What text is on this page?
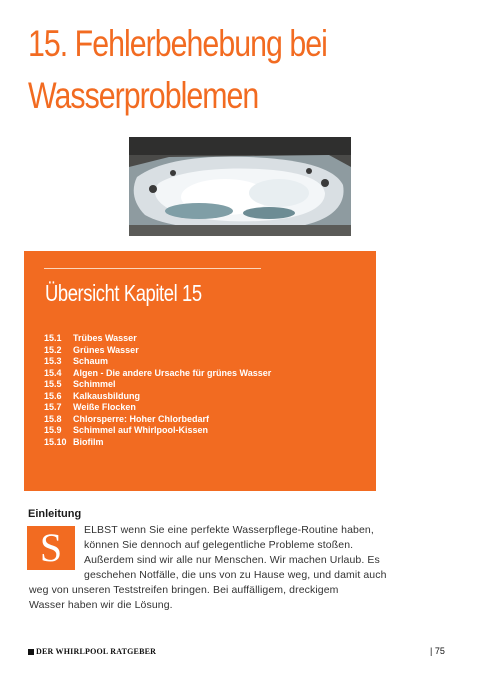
15. Fehlerbehebung bei
Wasserproblemen
Übersicht Kapitel 15
15.1 Trübes Wasser
15.2 Grünes Wasser
15.3 Schaum
15.4 Algen - Die andere Ursache für grünes Wasser
15.5 Schimmel
15.6 Kalkausbildung
15.7 Weiße Flocken
15.8 Chlorsperre: Hoher Chlorbedarf
15.9 Schimmel auf Whirlpool-Kissen
15.10 Biofilm
Einleitung
S	ELBST wenn Sie eine perfekte Wasserpflege-Routine haben,
können Sie dennoch auf gelegentliche Probleme stoßen.
Außerdem sind wir alle nur Menschen. Wir machen Urlaub. Es
geschehen Notfälle, die uns von zu Hause weg, und damit auch
weg von unseren Teststreifen bringen. Bei auffälligem, dreckigem
Wasser haben wir die Lösung.
DER WHIRLPOOL RATGEBER	| 75
